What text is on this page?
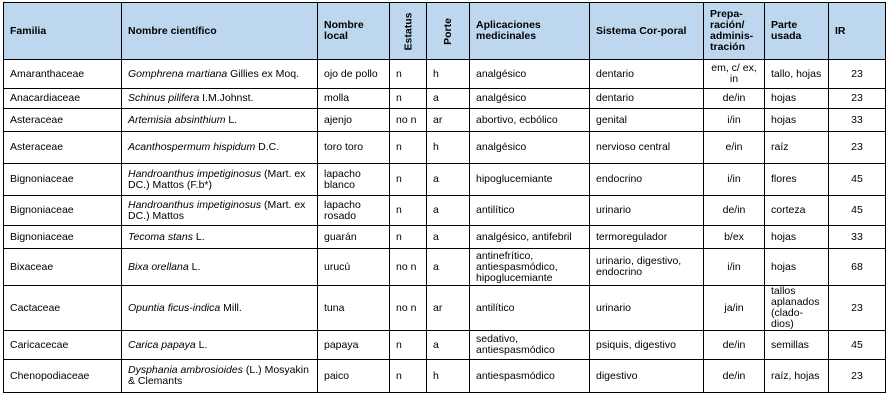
Familia	Nombre científico	Nombre local	Estatus	Porte	Aplicaciones medicinales	Sistema Cor-poral	Prepa-ración/ adminis-tración	Parte usada	IR
Amaranthaceae	Gomphrena martiana Gillies ex Moq.	ojo de pollo	n	h	analgésico	dentario	em, c/ ex, in	tallo, hojas	23
Anacardiaceae	Schinus pilifera I.M.Johnst.	molla	n	a	analgésico	dentario	de/in	hojas	23
Asteraceae	Artemisia absinthium L.	ajenjo	no n	ar	abortivo, ecbólico	genital	i/in	hojas	33
Asteraceae	Acanthospermum hispidum D.C.	toro toro	n	h	analgésico	nervioso central	e/in	raíz	23
Bignoniaceae	Handroanthus impetiginosus (Mart. ex DC.) Mattos (F.b*)	lapacho blanco	n	a	hipoglucemiante	endocrino	i/in	flores	45
Bignoniaceae	Handroanthus impetiginosus (Mart. ex DC.) Mattos	lapacho rosado	n	a	antilítico	urinario	de/in	corteza	45
Bignoniaceae	Tecoma stans L.	guarán	n	a	analgésico, antifebril	termoregulador	b/ex	hojas	33
Bixaceae	Bixa orellana L.	urucú	no n	a	antinefrítico, antiespasmódico, hipoglucemiante	urinario, digestivo, endocrino	i/in	hojas	68
Cactaceae	Opuntia ficus-indica Mill.	tuna	no n	ar	antilítico	urinario	ja/in	tallos aplanados (clado-dios)	23
Caricacecae	Carica papaya L.	papaya	n	a	sedativo, antiespasmódico	psiquis, digestivo	de/in	semillas	45
Chenopodiaceae	Dysphania ambrosioides (L.) Mosyakin & Clemants	paico	n	h	antiespasmódico	digestivo	de/in	raíz, hojas	23
